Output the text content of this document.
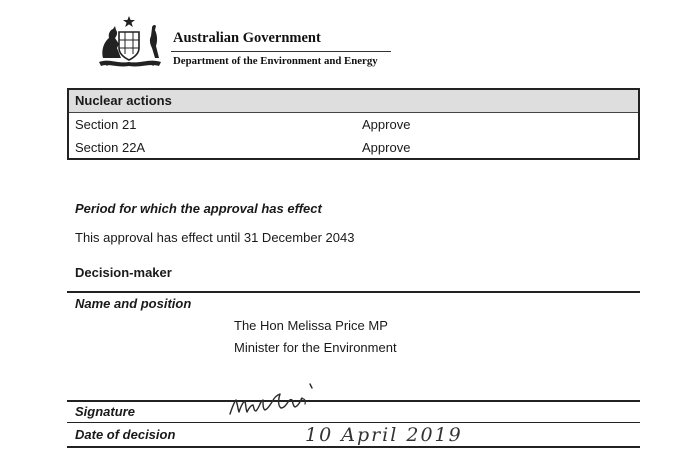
Australian Government
Department of the Environment and Energy
Nuclear actions
Section 21	Approve
Section 22A	Approve
Period for which the approval has effect
This approval has effect until 31 December 2043
Decision-maker
Name and position
The Hon Melissa Price MP
Minister for the Environment
Signature
Date of decision	10 April 2019
